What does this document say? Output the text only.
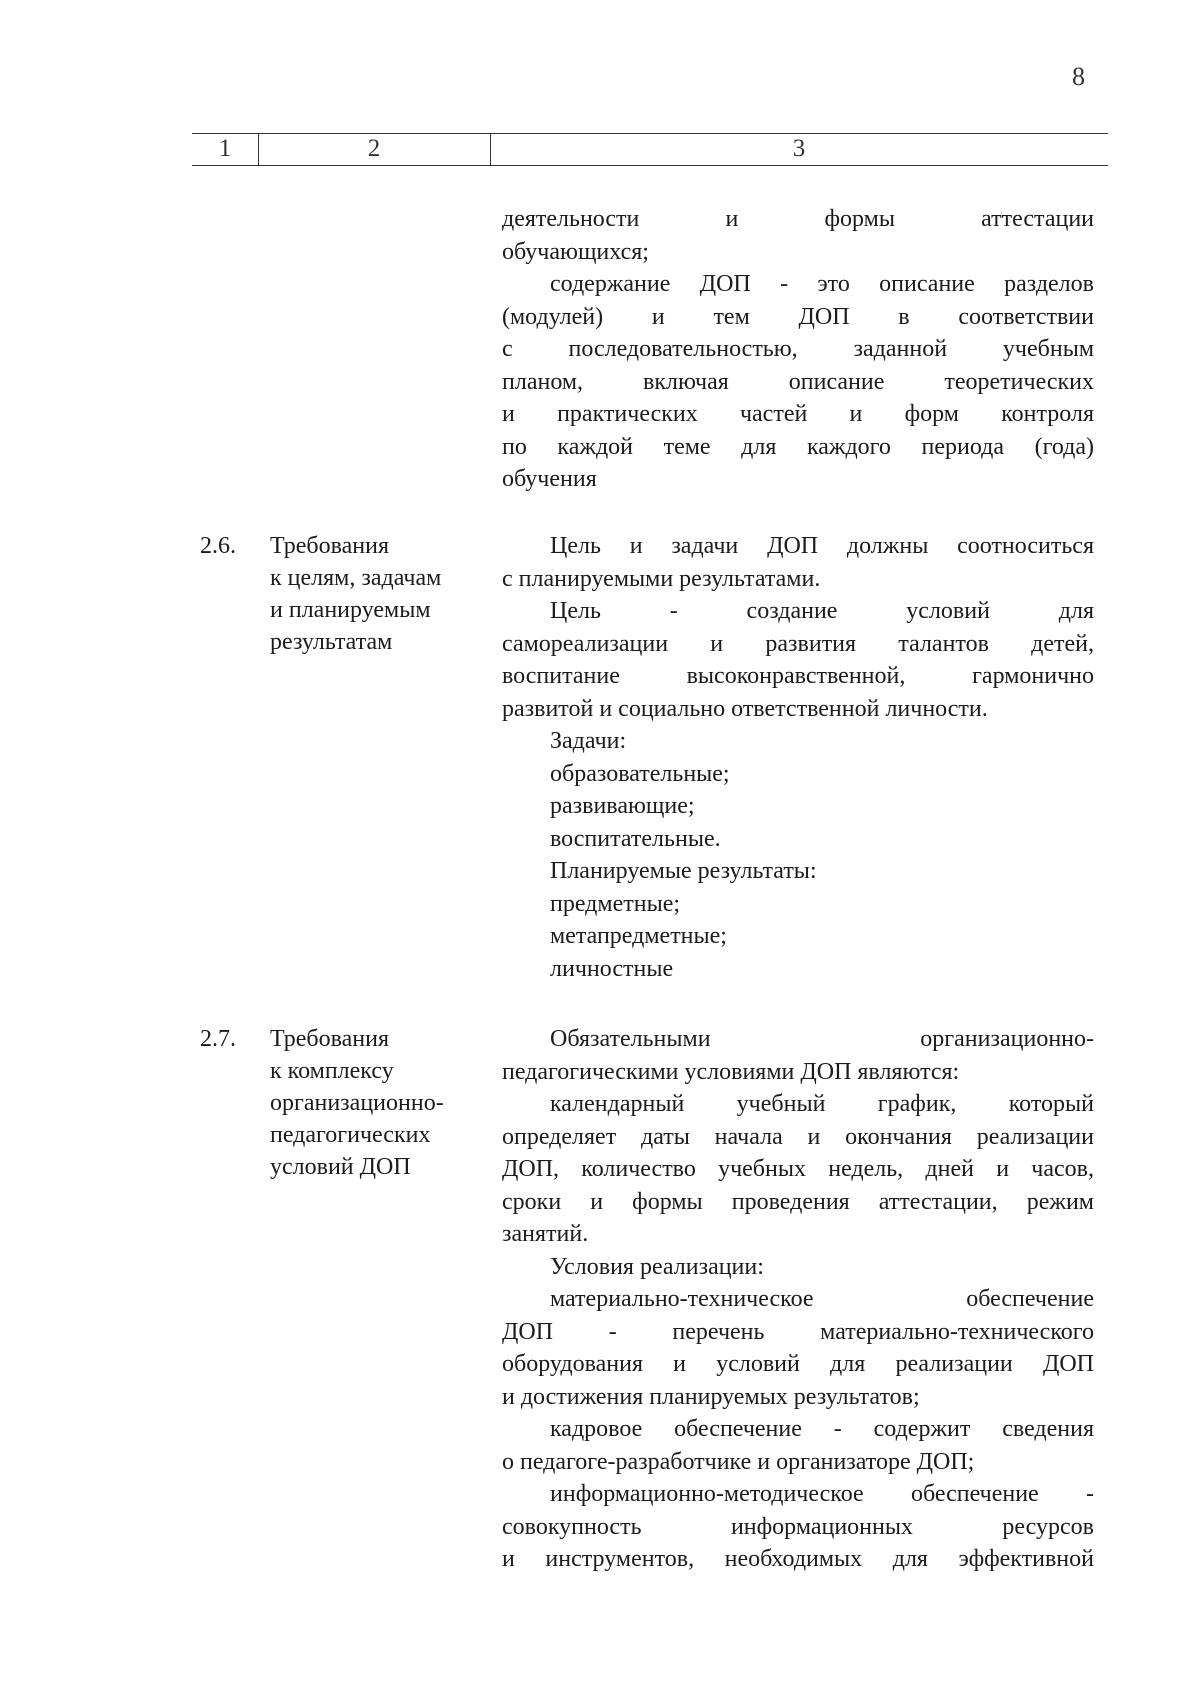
8
1	2	3
деятельности и формы аттестации
обучающихся;
содержание ДОП - это описание разделов
(модулей) и тем ДОП в соответствии
с последовательностью, заданной учебным
планом, включая описание теоретических
и практических частей и форм контроля
по каждой теме для каждого периода (года)
обучения
2.6. Требования
к целям, задачам
и планируемым
результатам
Цель и задачи ДОП должны соотноситься
с планируемыми результатами.
Цель - создание условий для
самореализации и развития талантов детей,
воспитание высоконравственной, гармонично
развитой и социально ответственной личности.
Задачи:
образовательные;
развивающие;
воспитательные.
Планируемые результаты:
предметные;
метапредметные;
личностные
2.7. Требования
к комплексу
организационно-
педагогических
условий ДОП
Обязательными организационно-
педагогическими условиями ДОП являются:
календарный учебный график, который
определяет даты начала и окончания реализации
ДОП, количество учебных недель, дней и часов,
сроки и формы проведения аттестации, режим
занятий.
Условия реализации:
материально-техническое обеспечение
ДОП - перечень материально-технического
оборудования и условий для реализации ДОП
и достижения планируемых результатов;
кадровое обеспечение - содержит сведения
о педагоге-разработчике и организаторе ДОП;
информационно-методическое обеспечение -
совокупность информационных ресурсов
и инструментов, необходимых для эффективной
